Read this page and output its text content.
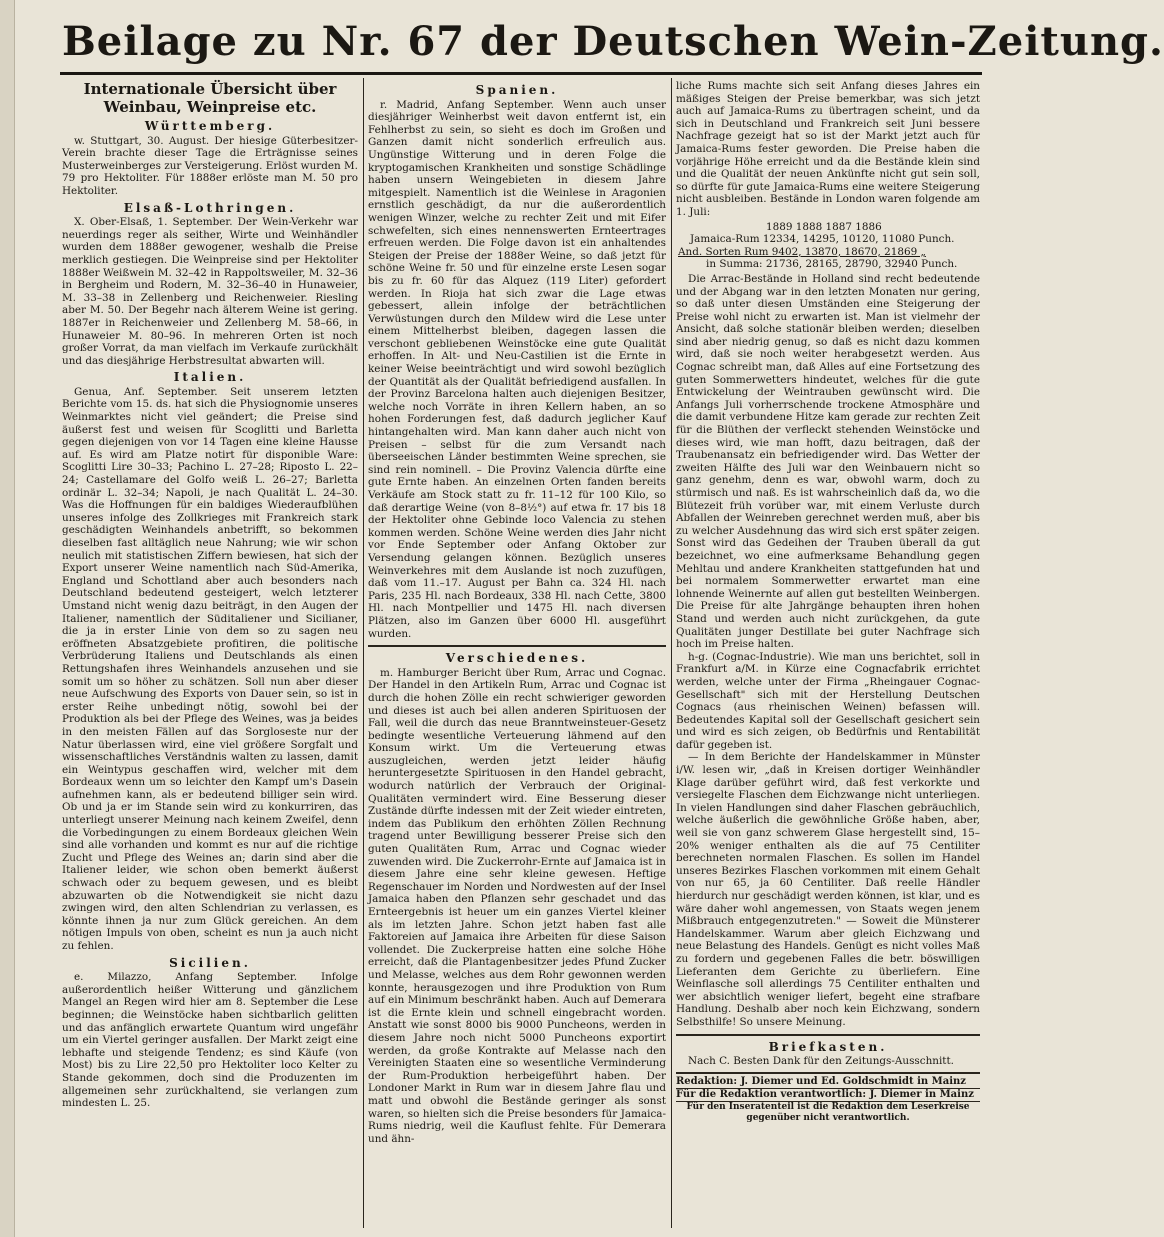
Beilage zu Nr. 67 der Deutschen Wein-Zeitung.
Internationale Übersicht über Weinbau, Weinpreise etc.
Württemberg.

w. Stuttgart, 30. August. Der hiesige Güterbesitzer-Verein brachte dieser Tage die Erträgnisse seines Musterweinberges zur Versteigerung. Erlöst wurden M. 79 pro Hektoliter. Für 1888er erlöste man M. 50 pro Hektoliter.

Elsaß-Lothringen.

X. Ober-Elsaß, 1. September. Der Wein-Verkehr war neuerdings reger als seither, Wirte und Weinhändler wurden dem 1888er gewogener, weshalb die Preise merklich gestiegen. Die Weinpreise sind per Hektoliter 1888er Weißwein M. 32–42 in Rappoltsweiler, M. 32–36 in Bergheim und Rodern, M. 32–36–40 in Hunaweier, M. 33–38 in Zellenberg und Reichenweier. Riesling aber M. 50. Der Begehr nach älterem Weine ist gering. 1887er in Reichenweier und Zellenberg M. 58–66, in Hunaweier M. 80–96. In mehreren Orten ist noch großer Vorrat, da man vielfach im Verkaufe zurückhält und das diesjährige Herbstresultat abwarten will.

Italien.

Genua, Anf. September. Seit unserem letzten Berichte vom 15. ds. hat sich die Physiognomie unseres Weinmarktes nicht viel geändert; die Preise sind äußerst fest und weisen für Scoglitti und Barletta gegen diejenigen von vor 14 Tagen eine kleine Hausse auf. Es wird am Platze notirt für disponible Ware: Scoglitti Lire 30–33; Pachino L. 27–28; Riposto L. 22–24; Castellamare del Golfo weiß L. 26–27; Barletta ordinär L. 32–34; Napoli, je nach Qualität L. 24–30. Was die Hoffnungen für ein baldiges Wiederaufblühen unseres infolge des Zollkrieges mit Frankreich stark geschädigten Weinhandels anbetrifft, so bekommen dieselben fast alltäglich neue Nahrung; wie wir schon neulich mit statistischen Ziffern bewiesen, hat sich der Export unserer Weine namentlich nach Süd-Amerika, England und Schottland aber auch besonders nach Deutschland bedeutend gesteigert, welch letzterer Umstand nicht wenig dazu beiträgt, in den Augen der Italiener, namentlich der Süditaliener und Sicilianer, die ja in erster Linie von dem so zu sagen neu eröffneten Absatzgebiete profitiren, die politische Verbrüderung Italiens und Deutschlands als einen Rettungshafen ihres Weinhandels anzusehen und sie somit um so höher zu schätzen. Soll nun aber dieser neue Aufschwung des Exports von Dauer sein, so ist in erster Reihe unbedingt nötig, sowohl bei der Produktion als bei der Pflege des Weines, was ja beides in den meisten Fällen auf das Sorgloseste nur der Natur überlassen wird, eine viel größere Sorgfalt und wissenschaftliches Verständnis walten zu lassen, damit ein Weintypus geschaffen wird, welcher mit dem Bordeaux wenn um so leichter den Kampf um's Dasein aufnehmen kann, als er bedeutend billiger sein wird. Ob und ja er im Stande sein wird zu konkurriren, das unterliegt unserer Meinung nach keinem Zweifel, denn die Vorbedingungen zu einem Bordeaux gleichen Wein sind alle vorhanden und kommt es nur auf die richtige Zucht und Pflege des Weines an; darin sind aber die Italiener leider, wie schon oben bemerkt äußerst schwach oder zu bequem gewesen, und es bleibt abzuwarten ob die Notwendigkeit sie nicht dazu zwingen wird, den alten Schlendrian zu verlassen, es könnte ihnen ja nur zum Glück gereichen. An dem nötigen Impuls von oben, scheint es nun ja auch nicht zu fehlen.

Sicilien.

e. Milazzo, Anfang September. Infolge außerordentlich heißer Witterung und gänzlichem Mangel an Regen wird hier am 8. September die Lese beginnen; die Weinstöcke haben sichtbarlich gelitten und das anfänglich erwartete Quantum wird ungefähr um ein Viertel geringer ausfallen. Der Markt zeigt eine lebhafte und steigende Tendenz; es sind Käufe (von Most) bis zu Lire 22,50 pro Hektoliter loco Kelter zu Stande gekommen, doch sind die Produzenten im allgemeinen sehr zurückhaltend, sie verlangen zum mindesten L. 25.

Spanien.

r. Madrid, Anfang September. Wenn auch unser diesjähriger Weinherbst weit davon entfernt ist, ein Fehlherbst zu sein, so sieht es doch im Großen und Ganzen damit nicht sonderlich erfreulich aus. Ungünstige Witterung und in deren Folge die kryptogamischen Krankheiten und sonstige Schädlinge haben unsern Weingebieten in diesem Jahre mitgespielt. Namentlich ist die Weinlese in Aragonien ernstlich geschädigt, da nur die außerordentlich wenigen Winzer, welche zu rechter Zeit und mit Eifer schwefelten, sich eines nennenswerten Ernteertrages erfreuen werden. Die Folge davon ist ein anhaltendes Steigen der Preise der 1888er Weine, so daß jetzt für schöne Weine fr. 50 und für einzelne erste Lesen sogar bis zu fr. 60 für das Alquez (119 Liter) gefordert werden. In Rioja hat sich zwar die Lage etwas gebessert, allein infolge der beträchtlichen Verwüstungen durch den Mildew wird die Lese unter einem Mittelherbst bleiben, dagegen lassen die verschont gebliebenen Weinstöcke eine gute Qualität erhoffen. In Alt- und Neu-Castilien ist die Ernte in keiner Weise beeinträchtigt und wird sowohl bezüglich der Quantität als der Qualität befriedigend ausfallen. In der Provinz Barcelona halten auch diejenigen Besitzer, welche noch Vorräte in ihren Kellern haben, an so hohen Forderungen fest, daß dadurch jeglicher Kauf hintangehalten wird. Man kann daher auch nicht von Preisen – selbst für die zum Versandt nach überseeischen Länder bestimmten Weine sprechen, sie sind rein nominell. – Die Provinz Valencia dürfte eine gute Ernte haben. An einzelnen Orten fanden bereits Verkäufe am Stock statt zu fr. 11–12 für 100 Kilo, so daß derartige Weine (von 8–8½°) auf etwa fr. 17 bis 18 der Hektoliter ohne Gebinde loco Valencia zu stehen kommen werden. Schöne Weine werden dies Jahr nicht vor Ende September oder Anfang Oktober zur Versendung gelangen können. Bezüglich unseres Weinverkehres mit dem Auslande ist noch zuzufügen, daß vom 11.–17. August per Bahn ca. 324 Hl. nach Paris, 235 Hl. nach Bordeaux, 338 Hl. nach Cette, 3800 Hl. nach Montpellier und 1475 Hl. nach diversen Plätzen, also im Ganzen über 6000 Hl. ausgeführt wurden.

Verschiedenes.

m. Hamburger Bericht über Rum, Arrac und Cognac. Der Handel in den Artikeln Rum, Arrac und Cognac ist durch die hohen Zölle ein recht schwieriger geworden und dieses ist auch bei allen anderen Spirituosen der Fall, weil die durch das neue Branntweinsteuer-Gesetz bedingte wesentliche Verteuerung lähmend auf den Konsum wirkt. Um die Verteuerung etwas auszugleichen, werden jetzt leider häufig heruntergesetzte Spirituosen in den Handel gebracht, wodurch natürlich der Verbrauch der Original-Qualitäten vermindert wird. Eine Besserung dieser Zustände dürfte indessen mit der Zeit wieder eintreten, indem das Publikum den erhöhten Zöllen Rechnung tragend unter Bewilligung besserer Preise sich den guten Qualitäten Rum, Arrac und Cognac wieder zuwenden wird. Die Zuckerrohr-Ernte auf Jamaica ist in diesem Jahre eine sehr kleine gewesen. Heftige Regenschauer im Norden und Nordwesten auf der Insel Jamaica haben den Pflanzen sehr geschadet und das Ernteergebnis ist heuer um ein ganzes Viertel kleiner als im letzten Jahre. Schon jetzt haben fast alle Faktoreien auf Jamaica ihre Arbeiten für diese Saison vollendet. Die Zuckerpreise hatten eine solche Höhe erreicht, daß die Plantagenbesitzer jedes Pfund Zucker und Melasse, welches aus dem Rohr gewonnen werden konnte, herausgezogen und ihre Produktion von Rum auf ein Minimum beschränkt haben. Auch auf Demerara ist die Ernte klein und schnell eingebracht worden. Anstatt wie sonst 8000 bis 9000 Puncheons, werden in diesem Jahre noch nicht 5000 Puncheons exportirt werden, da große Kontrakte auf Melasse nach den Vereinigten Staaten eine so wesentliche Verminderung der Rum-Produktion herbeigeführt haben. Der Londoner Markt in Rum war in diesem Jahre flau und matt und obwohl die Bestände geringer als sonst waren, so hielten sich die Preise besonders für Jamaica-Rums niedrig, weil die Kauflust fehlte. Für Demerara und ähn-

liche Rums machte sich seit Anfang dieses Jahres ein mäßiges Steigen der Preise bemerkbar, was sich jetzt auch auf Jamaica-Rums zu übertragen scheint, und da sich in Deutschland und Frankreich seit Juni bessere Nachfrage gezeigt hat so ist der Markt jetzt auch für Jamaica-Rums fester geworden. Die Preise haben die vorjährige Höhe erreicht und da die Bestände klein sind und die Qualität der neuen Ankünfte nicht gut sein soll, so dürfte für gute Jamaica-Rums eine weitere Steigerung nicht ausbleiben. Bestände in London waren folgende am 1. Juli:

1889 1888 1887 1886
Jamaica-Rum 12334, 14295, 10120, 11080 Punch.
And. Sorten Rum 9402, 13870, 18670, 21869 „
in Summa: 21736, 28165, 28790, 32940 Punch.

Die Arrac-Bestände in Holland sind recht bedeutende und der Abgang war in den letzten Monaten nur gering, so daß unter diesen Umständen eine Steigerung der Preise wohl nicht zu erwarten ist. Man ist vielmehr der Ansicht, daß solche stationär bleiben werden; dieselben sind aber niedrig genug, so daß es nicht dazu kommen wird, daß sie noch weiter herabgesetzt werden. Aus Cognac schreibt man, daß Alles auf eine Fortsetzung des guten Sommerwetters hindeutet, welches für die gute Entwickelung der Weintrauben gewünscht wird. Die Anfangs Juli vorherrschende trockene Atmosphäre und die damit verbundene Hitze kam gerade zur rechten Zeit für die Blüthen der verfleckt stehenden Weinstöcke und dieses wird, wie man hofft, dazu beitragen, daß der Traubenansatz ein befriedigender wird. Das Wetter der zweiten Hälfte des Juli war den Weinbauern nicht so ganz genehm, denn es war, obwohl warm, doch zu stürmisch und naß. Es ist wahrscheinlich daß da, wo die Blütezeit früh vorüber war, mit einem Verluste durch Abfallen der Weinreben gerechnet werden muß, aber bis zu welcher Ausdehnung das wird sich erst später zeigen. Sonst wird das Gedeihen der Trauben überall da gut bezeichnet, wo eine aufmerksame Behandlung gegen Mehltau und andere Krankheiten stattgefunden hat und bei normalem Sommerwetter erwartet man eine lohnende Weinernte auf allen gut bestellten Weinbergen. Die Preise für alte Jahrgänge behaupten ihren hohen Stand und werden auch nicht zurückgehen, da gute Qualitäten junger Destillate bei guter Nachfrage sich hoch im Preise halten.

h-g. (Cognac-Industrie). Wie man uns berichtet, soll in Frankfurt a/M. in Kürze eine Cognacfabrik errichtet werden, welche unter der Firma „Rheingauer Cognac-Gesellschaft" sich mit der Herstellung Deutschen Cognacs (aus rheinischen Weinen) befassen will. Bedeutendes Kapital soll der Gesellschaft gesichert sein und wird es sich zeigen, ob Bedürfnis und Rentabilität dafür gegeben ist.

— In dem Berichte der Handelskammer in Münster i/W. lesen wir, „daß in Kreisen dortiger Weinhändler Klage darüber geführt wird, daß fest verkorkte und versiegelte Flaschen dem Eichzwange nicht unterliegen. In vielen Handlungen sind daher Flaschen gebräuchlich, welche äußerlich die gewöhnliche Größe haben, aber, weil sie von ganz schwerem Glase hergestellt sind, 15–20% weniger enthalten als die auf 75 Centiliter berechneten normalen Flaschen. Es sollen im Handel unseres Bezirkes Flaschen vorkommen mit einem Gehalt von nur 65, ja 60 Centiliter. Daß reelle Händler hierdurch nur geschädigt werden können, ist klar, und es wäre daher wohl angemessen, von Staats wegen jenem Mißbrauch entgegenzutreten." — Soweit die Münsterer Handelskammer. Warum aber gleich Eichzwang und neue Belastung des Handels. Genügt es nicht volles Maß zu fordern und gegebenen Falles die betr. böswilligen Lieferanten dem Gerichte zu überliefern. Eine Weinflasche soll allerdings 75 Centiliter enthalten und wer absichtlich weniger liefert, begeht eine strafbare Handlung. Deshalb aber noch kein Eichzwang, sondern Selbsthilfe! So unsere Meinung.

Briefkasten.

Nach C. Besten Dank für den Zeitungs-Ausschnitt.

Redaktion: J. Diemer und Ed. Goldschmidt in Mainz
Für die Redaktion verantwortlich: J. Diemer in Mainz
Für den Inseratenteil ist die Redaktion dem Leserkreise gegenüber nicht verantwortlich.
